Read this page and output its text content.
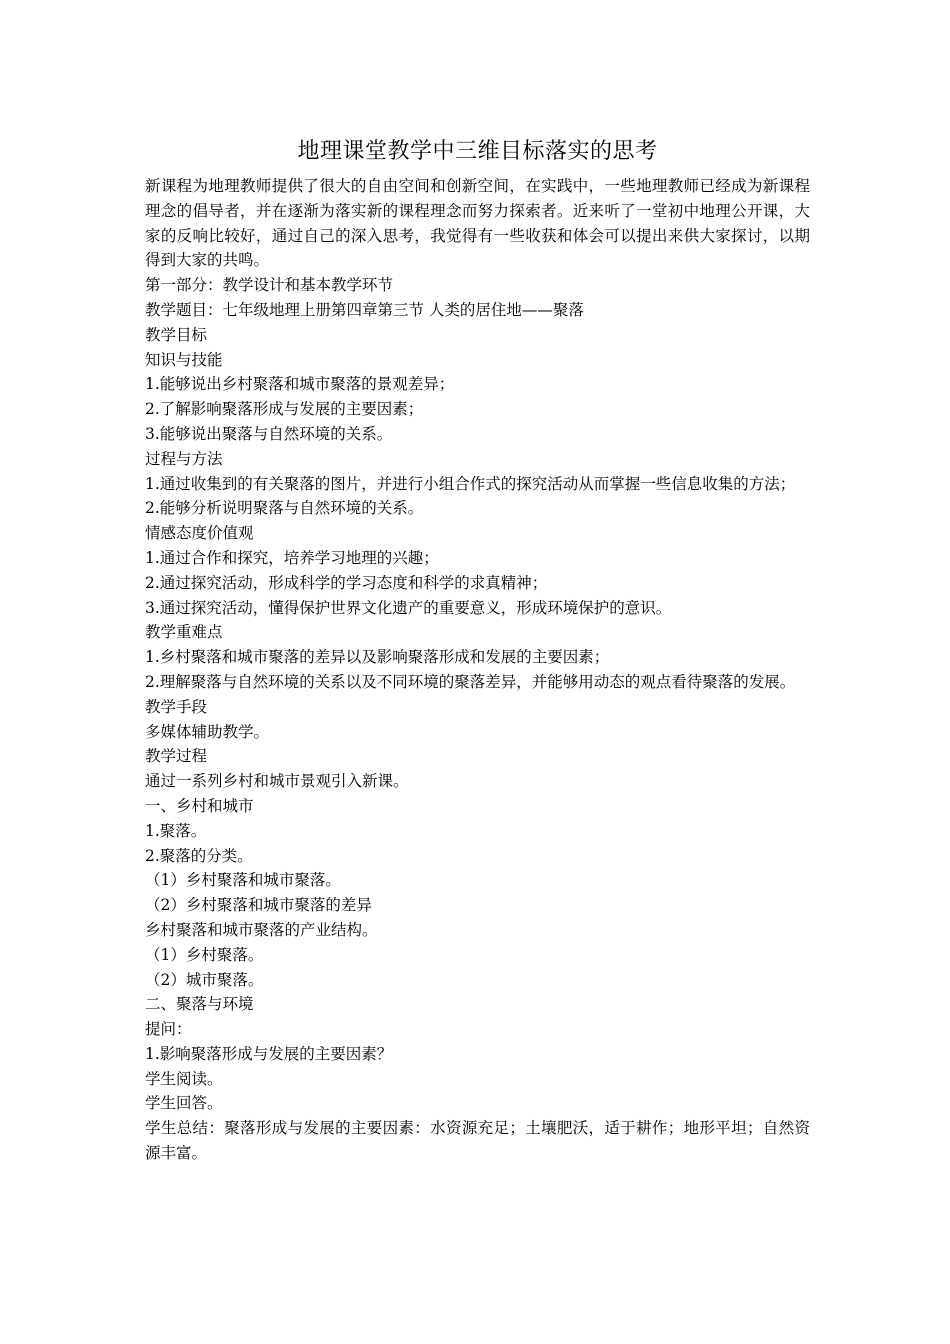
地理课堂教学中三维目标落实的思考

新课程为地理教师提供了很大的自由空间和创新空间，在实践中，一些地理教师已经成为新课程理念的倡导者，并在逐渐为落实新的课程理念而努力探索者。近来听了一堂初中地理公开课，大家的反响比较好，通过自己的深入思考，我觉得有一些收获和体会可以提出来供大家探讨，以期得到大家的共鸣。

第一部分：教学设计和基本教学环节

教学题目：七年级地理上册第四章第三节 人类的居住地——聚落

教学目标

知识与技能

1.能够说出乡村聚落和城市聚落的景观差异；

2.了解影响聚落形成与发展的主要因素；

3.能够说出聚落与自然环境的关系。

过程与方法

1.通过收集到的有关聚落的图片，并进行小组合作式的探究活动从而掌握一些信息收集的方法；

2.能够分析说明聚落与自然环境的关系。

情感态度价值观

1.通过合作和探究，培养学习地理的兴趣；

2.通过探究活动，形成科学的学习态度和科学的求真精神；

3.通过探究活动，懂得保护世界文化遗产的重要意义，形成环境保护的意识。

教学重难点

1.乡村聚落和城市聚落的差异以及影响聚落形成和发展的主要因素；

2.理解聚落与自然环境的关系以及不同环境的聚落差异，并能够用动态的观点看待聚落的发展。

教学手段

多媒体辅助教学。

教学过程

通过一系列乡村和城市景观引入新课。

一、乡村和城市

1.聚落。

2.聚落的分类。

（1）乡村聚落和城市聚落。

（2）乡村聚落和城市聚落的差异

乡村聚落和城市聚落的产业结构。

（1）乡村聚落。

（2）城市聚落。

二、聚落与环境

提问：

1.影响聚落形成与发展的主要因素？

学生阅读。

学生回答。

学生总结：聚落形成与发展的主要因素：水资源充足；土壤肥沃，适于耕作；地形平坦；自然资源丰富。
